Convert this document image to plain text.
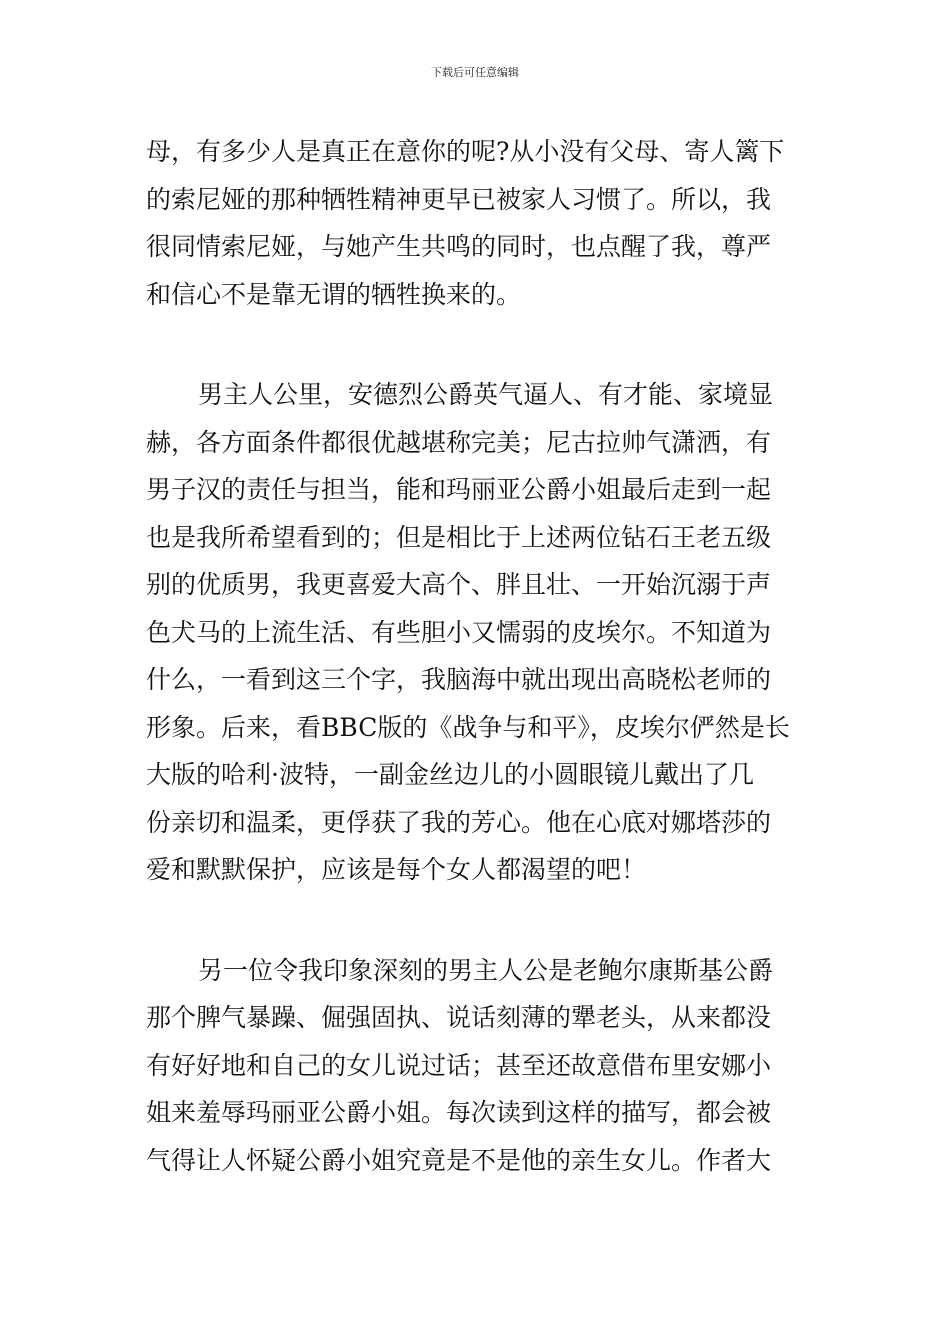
下载后可任意编辑
母，有多少人是真正在意你的呢?从小没有父母、寄人篱下
的索尼娅的那种牺牲精神更早已被家人习惯了。所以，我
很同情索尼娅，与她产生共鸣的同时，也点醒了我，尊严
和信心不是靠无谓的牺牲换来的。
男主人公里，安德烈公爵英气逼人、有才能、家境显
赫，各方面条件都很优越堪称完美；尼古拉帅气潇洒，有
男子汉的责任与担当，能和玛丽亚公爵小姐最后走到一起
也是我所希望看到的；但是相比于上述两位钻石王老五级
别的优质男，我更喜爱大高个、胖且壮、一开始沉溺于声
色犬马的上流生活、有些胆小又懦弱的皮埃尔。不知道为
什么，一看到这三个字，我脑海中就出现出高晓松老师的
形象。后来，看BBC版的《战争与和平》，皮埃尔俨然是长
大版的哈利·波特，一副金丝边儿的小圆眼镜儿戴出了几
份亲切和温柔，更俘获了我的芳心。他在心底对娜塔莎的
爱和默默保护，应该是每个女人都渴望的吧！
另一位令我印象深刻的男主人公是老鲍尔康斯基公爵
那个脾气暴躁、倔强固执、说话刻薄的犟老头，从来都没
有好好地和自己的女儿说过话；甚至还故意借布里安娜小
姐来羞辱玛丽亚公爵小姐。每次读到这样的描写，都会被
气得让人怀疑公爵小姐究竟是不是他的亲生女儿。作者大
